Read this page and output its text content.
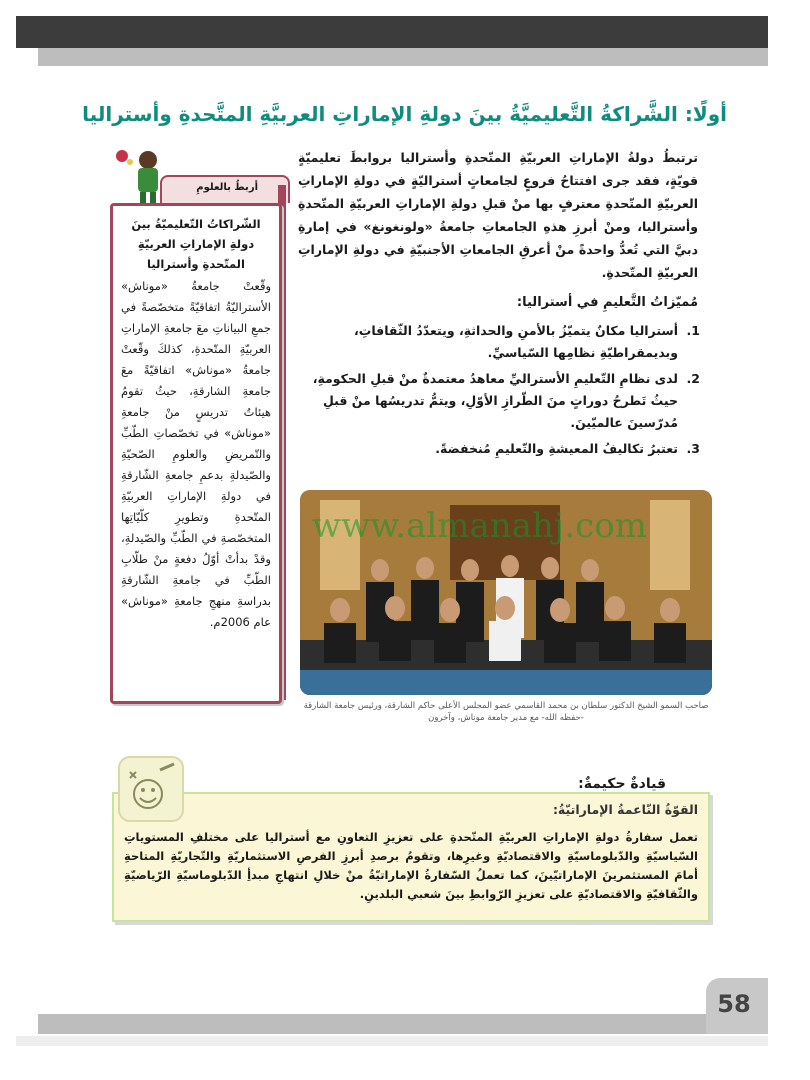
أولًا: الشَّراكةُ التَّعليميَّةُ بينَ دولةِ الإماراتِ العربيَّةِ المتَّحدةِ وأستراليا
ترتبطُ دولةُ الإماراتِ العربيّةِ المتّحدةِ وأستراليا بروابطَ تعليميّةٍ قويّةٍ، فقد جرى افتتاحُ فروعٍ لجامعاتٍ أستراليّةٍ في دولةِ الإماراتِ العربيّةِ المتّحدةِ معترفٍ بها منْ قبلِ دولةِ الإماراتِ العربيّةِ المتّحدةِ وأستراليا، ومنْ أبرزِ هذهِ الجامعاتِ جامعةُ «ولونغونغ» في إمارةِ دبيَّ التي تُعدُّ واحدةً منْ أعرقِ الجامعاتِ الأجنبيّةِ في دولةِ الإماراتِ العربيّةِ المتّحدةِ.
مُميّزاتُ التَّعليمِ في أستراليا:
1.
أستراليا مكانٌ يتميّزُ بالأمنِ والحداثةِ، ويتعدّدُ الثّقافاتِ، وبديمقراطيّةِ نظامِها السّياسيِّ.
2.
لدى نظامِ التّعليمِ الأستراليِّ معاهدُ معتمدةٌ منْ قبلِ الحكومةِ، حيثُ تَطرحُ دوراتٍ منَ الطّرازِ الأوّلِ، ويتمُّ تدريسُها منْ قبلِ مُدرّسينَ عالميّينَ.
3.
تعتبرُ تكاليفُ المعيشةِ والتّعليمِ مُنخفضةً.
www.almanahj.com
صاحب السمو الشيخ الدكتور سلطان بن محمد القاسمي عضو المجلس الأعلى حاكم الشارقة، ورئيس جامعة الشارقة -حفظه الله- مع مدير جامعة موناش، وآخرون
أربطُ بالعلومِ
الشّراكاتُ التّعليميّةُ بينَ دولةِ الإماراتِ العربيّةِ المتّحدةِ وأستراليا
وقّعتْ جامعةُ «موناش» الأستراليّةُ اتفاقيّةً متخصّصةً في جمعِ البياناتِ معَ جامعةِ الإماراتِ العربيّةِ المتّحدةِ، كذلكَ وقّعتْ جامعةُ «موناش» اتفاقيّةً معَ جامعةِ الشارقةِ، حيثُ تقومُ هيئاتُ تدريسٍ منْ جامعةِ «موناش» في تخصّصاتِ الطّبِّ والتّمريضِ والعلومِ الصّحيّةِ والصّيدلةِ بدعمِ جامعةِ الشّارقةِ في دولةِ الإماراتِ العربيّةِ المتّحدةِ وتطويرِ كلّيّاتِها المتخصّصةِ في الطّبِّ والصّيدلةِ، وقدْ بدأتْ أوّلُ دفعةٍ منْ طلّابِ الطّبِّ في جامعةِ الشّارقةِ بدراسةِ منهجِ جامعةِ «موناش» عام 2006م.
قيادةٌ حكيمةٌ:
القوّةُ النّاعمةُ الإماراتيّةُ:
تعمل سفارةُ دولةِ الإماراتِ العربيّةِ المتّحدةِ على تعزيزِ التعاونِ مع أستراليا على مختلفِ المستوياتِ السّياسيّةِ والدّبلوماسيّةِ والاقتصاديّةِ وغيرِها، وتقومُ برصدِ أبرزِ الفرصِ الاستثماريّةِ والتّجاريّةِ المتاحةِ أمامَ المستثمرينَ الإماراتيّينَ، كما تعملُ السّفارةُ الإماراتيّةُ منْ خلالِ انتهاجِ مبدأِ الدّبلوماسيّةِ الرّياضيّةِ والثّقافيّةِ والاقتصاديّةِ على تعزيزِ الرّوابطِ بينَ شعبي البلدينِ.
58
